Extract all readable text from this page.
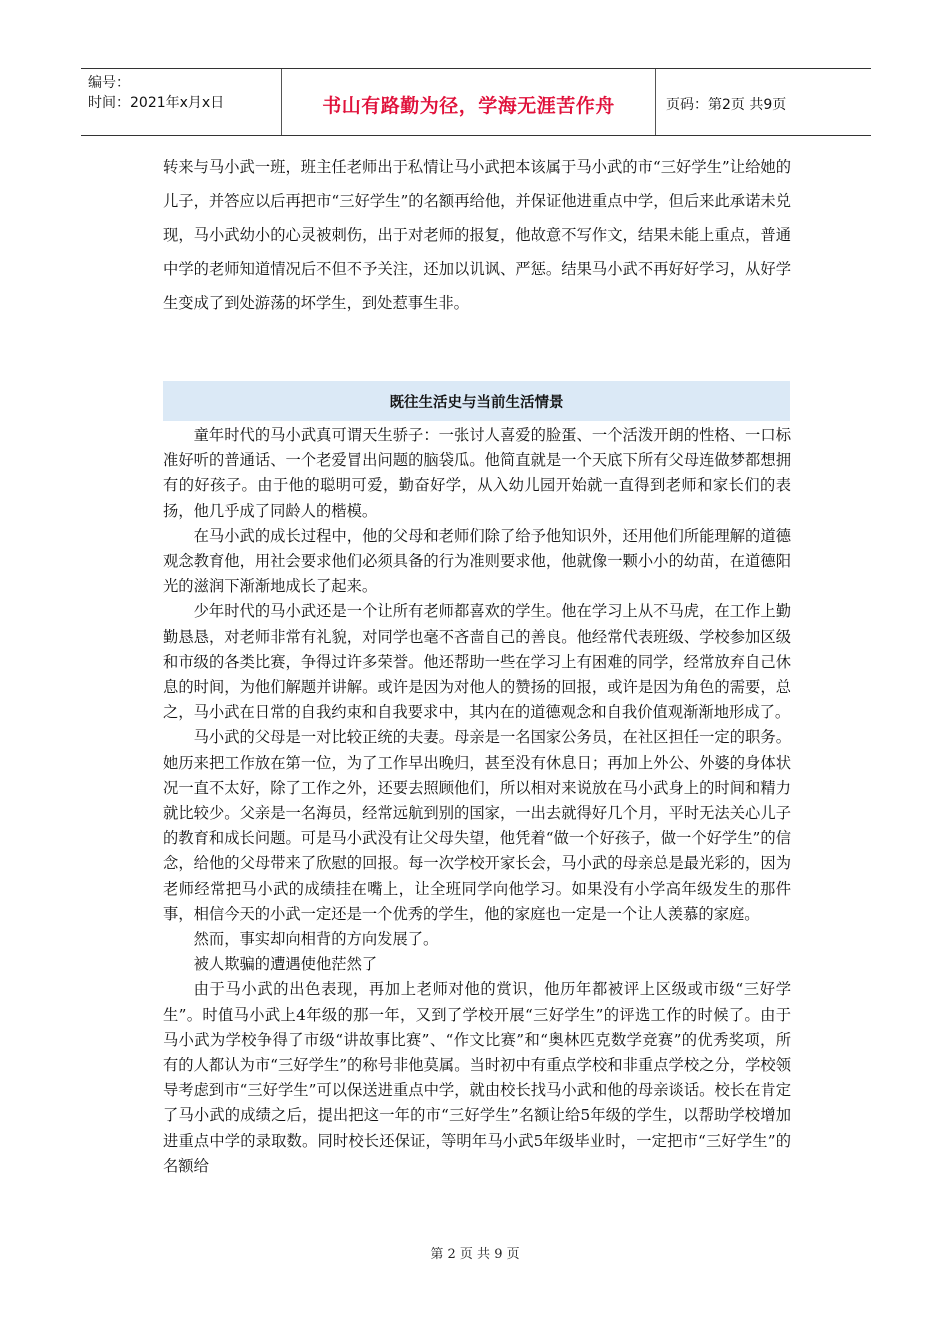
编号：
时间：2021年x月x日	书山有路勤为径，学海无涯苦作舟	页码：第2页 共9页
转来与马小武一班，班主任老师出于私情让马小武把本该属于马小武的市“三好学生”让给她的儿子，并答应以后再把市“三好学生”的名额再给他，并保证他进重点中学，但后来此承诺未兑现，马小武幼小的心灵被刺伤，出于对老师的报复，他故意不写作文，结果未能上重点，普通中学的老师知道情况后不但不予关注，还加以讥讽、严惩。结果马小武不再好好学习，从好学生变成了到处游荡的坏学生，到处惹事生非。
既往生活史与当前生活情景

童年时代的马小武真可谓天生骄子：一张讨人喜爱的脸蛋、一个活泼开朗的性格、一口标准好听的普通话、一个老爱冒出问题的脑袋瓜。他简直就是一个天底下所有父母连做梦都想拥有的好孩子。由于他的聪明可爱，勤奋好学，从入幼儿园开始就一直得到老师和家长们的表扬，他几乎成了同龄人的楷模。

在马小武的成长过程中，他的父母和老师们除了给予他知识外，还用他们所能理解的道德观念教育他，用社会要求他们必须具备的行为准则要求他，他就像一颗小小的幼苗，在道德阳光的滋润下渐渐地成长了起来。

少年时代的马小武还是一个让所有老师都喜欢的学生。他在学习上从不马虎，在工作上勤勤恳恳，对老师非常有礼貌，对同学也毫不吝啬自己的善良。他经常代表班级、学校参加区级和市级的各类比赛，争得过许多荣誉。他还帮助一些在学习上有困难的同学，经常放弃自己休息的时间，为他们解题并讲解。或许是因为对他人的赞扬的回报，或许是因为角色的需要，总之，马小武在日常的自我约束和自我要求中，其内在的道德观念和自我价值观渐渐地形成了。

马小武的父母是一对比较正统的夫妻。母亲是一名国家公务员，在社区担任一定的职务。她历来把工作放在第一位，为了工作早出晚归，甚至没有休息日；再加上外公、外婆的身体状况一直不太好，除了工作之外，还要去照顾他们，所以相对来说放在马小武身上的时间和精力就比较少。父亲是一名海员，经常远航到别的国家，一出去就得好几个月，平时无法关心儿子的教育和成长问题。可是马小武没有让父母失望，他凭着“做一个好孩子，做一个好学生”的信念，给他的父母带来了欣慰的回报。每一次学校开家长会，马小武的母亲总是最光彩的，因为老师经常把马小武的成绩挂在嘴上，让全班同学向他学习。如果没有小学高年级发生的那件事，相信今天的小武一定还是一个优秀的学生，他的家庭也一定是一个让人羡慕的家庭。

然而，事实却向相背的方向发展了。

被人欺骗的遭遇使他茫然了

由于马小武的出色表现，再加上老师对他的赏识，他历年都被评上区级或市级“三好学生”。时值马小武上4年级的那一年，又到了学校开展“三好学生”的评选工作的时候了。由于马小武为学校争得了市级“讲故事比赛”、“作文比赛”和“奥林匹克数学竞赛”的优秀奖项，所有的人都认为市“三好学生”的称号非他莫属。当时初中有重点学校和非重点学校之分，学校领导考虑到市“三好学生”可以保送进重点中学，就由校长找马小武和他的母亲谈话。校长在肯定了马小武的成绩之后，提出把这一年的市“三好学生”名额让给5年级的学生，以帮助学校增加进重点中学的录取数。同时校长还保证，等明年马小武5年级毕业时，一定把市“三好学生”的名额给

第 2 页 共 9 页
